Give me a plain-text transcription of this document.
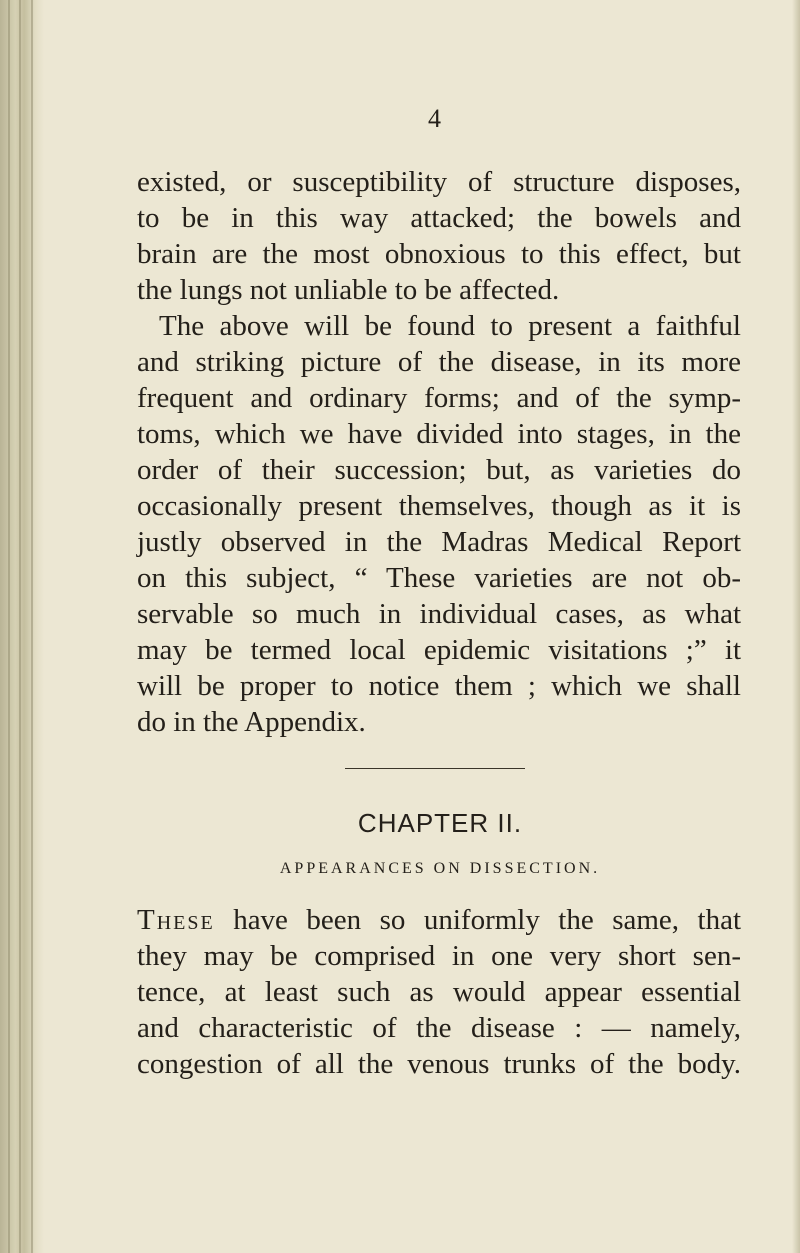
4

existed, or susceptibility of structure disposes,
to be in this way attacked; the bowels and
brain are the most obnoxious to this effect, but
the lungs not unliable to be affected.
The above will be found to present a faithful
and striking picture of the disease, in its more
frequent and ordinary forms; and of the symp-
toms, which we have divided into stages, in the
order of their succession; but, as varieties do
occasionally present themselves, though as it is
justly observed in the Madras Medical Report
on this subject, “ These varieties are not ob-
servable so much in individual cases, as what
may be termed local epidemic visitations ;” it
will be proper to notice them ; which we shall
do in the Appendix.

CHAPTER II.
APPEARANCES ON DISSECTION.

These have been so uniformly the same, that
they may be comprised in one very short sen-
tence, at least such as would appear essential
and characteristic of the disease : — namely,
congestion of all the venous trunks of the body.
